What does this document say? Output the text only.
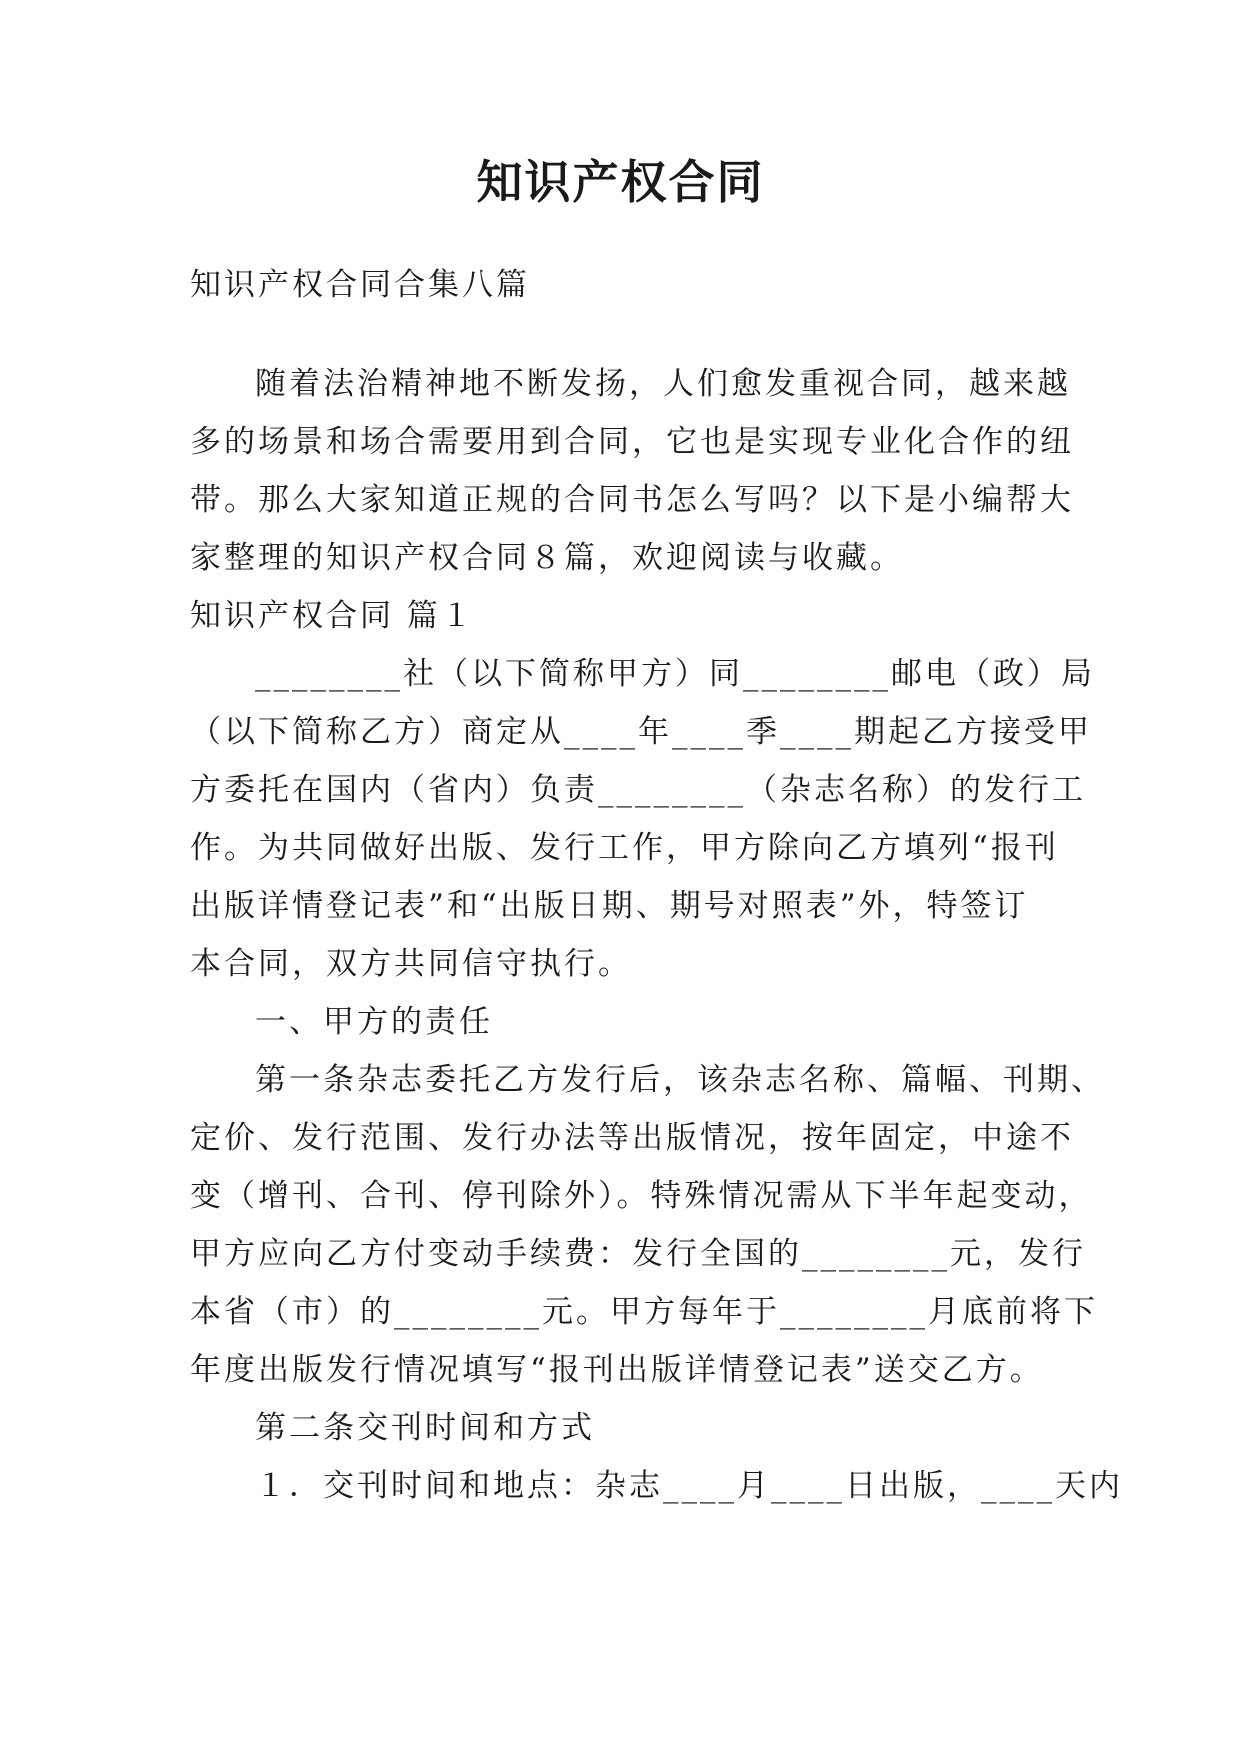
知识产权合同

知识产权合同合集八篇

随着法治精神地不断发扬，人们愈发重视合同，越来越

多的场景和场合需要用到合同，它也是实现专业化合作的纽

带。那么大家知道正规的合同书怎么写吗？以下是小编帮大

家整理的知识产权合同８篇，欢迎阅读与收藏。

知识产权合同 篇１

________社（以下简称甲方）同________邮电（政）局

（以下简称乙方）商定从____年____季____期起乙方接受甲

方委托在国内（省内）负责________（杂志名称）的发行工

作。为共同做好出版、发行工作，甲方除向乙方填列“报刊

出版详情登记表”和“出版日期、期号对照表”外，特签订

本合同，双方共同信守执行。

一、甲方的责任

第一条杂志委托乙方发行后，该杂志名称、篇幅、刊期、

定价、发行范围、发行办法等出版情况，按年固定，中途不

变（增刊、合刊、停刊除外）。特殊情况需从下半年起变动，

甲方应向乙方付变动手续费：发行全国的________元，发行

本省（市）的________元。甲方每年于________月底前将下

年度出版发行情况填写“报刊出版详情登记表”送交乙方。

第二条交刊时间和方式

１．交刊时间和地点：杂志____月____日出版，____天内
